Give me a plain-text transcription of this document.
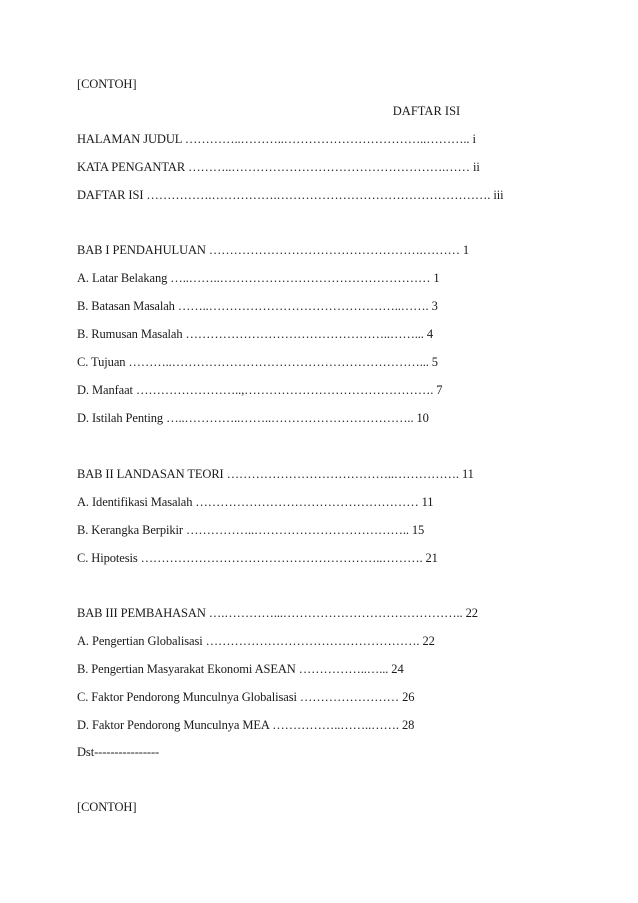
[CONTOH]
DAFTAR ISI
HALAMAN JUDUL …………..………..……………………………..……….. i
KATA PENGANTAR ………..…………………………………………….…… ii
DAFTAR ISI …………….…………….……………………………………………. iii
BAB I PENDAHULUAN …………………………………………….……… 1
A. Latar Belakang …..……..…………………………………………… 1
B. Batasan Masalah ……..………………………………………..……. 3
B. Rumusan Masalah …………………………………………..……... 4
C. Tujuan ………..……………………………………………………... 5
D. Manfaat ……………………..,………………………………………. 7
D. Istilah Penting …..…………..……..…………………………….. 10
BAB II LANDASAN TEORI …………………………………..……………. 11
A. Identifikasi Masalah ……………………………………………… 11
B. Kerangka Berpikir ……………..……………………………….. 15
C. Hipotesis …………………………………………………..………. 21
BAB III PEMBAHASAN ….…………...…………………………………….. 22
A. Pengertian Globalisasi ……………………………………………. 22
B. Pengertian Masyarakat Ekonomi ASEAN ……………..…... 24
C. Faktor Pendorong Munculnya Globalisasi …………………… 26
D. Faktor Pendorong Munculnya MEA ……………..……..……. 28
Dst----------------
[CONTOH]
